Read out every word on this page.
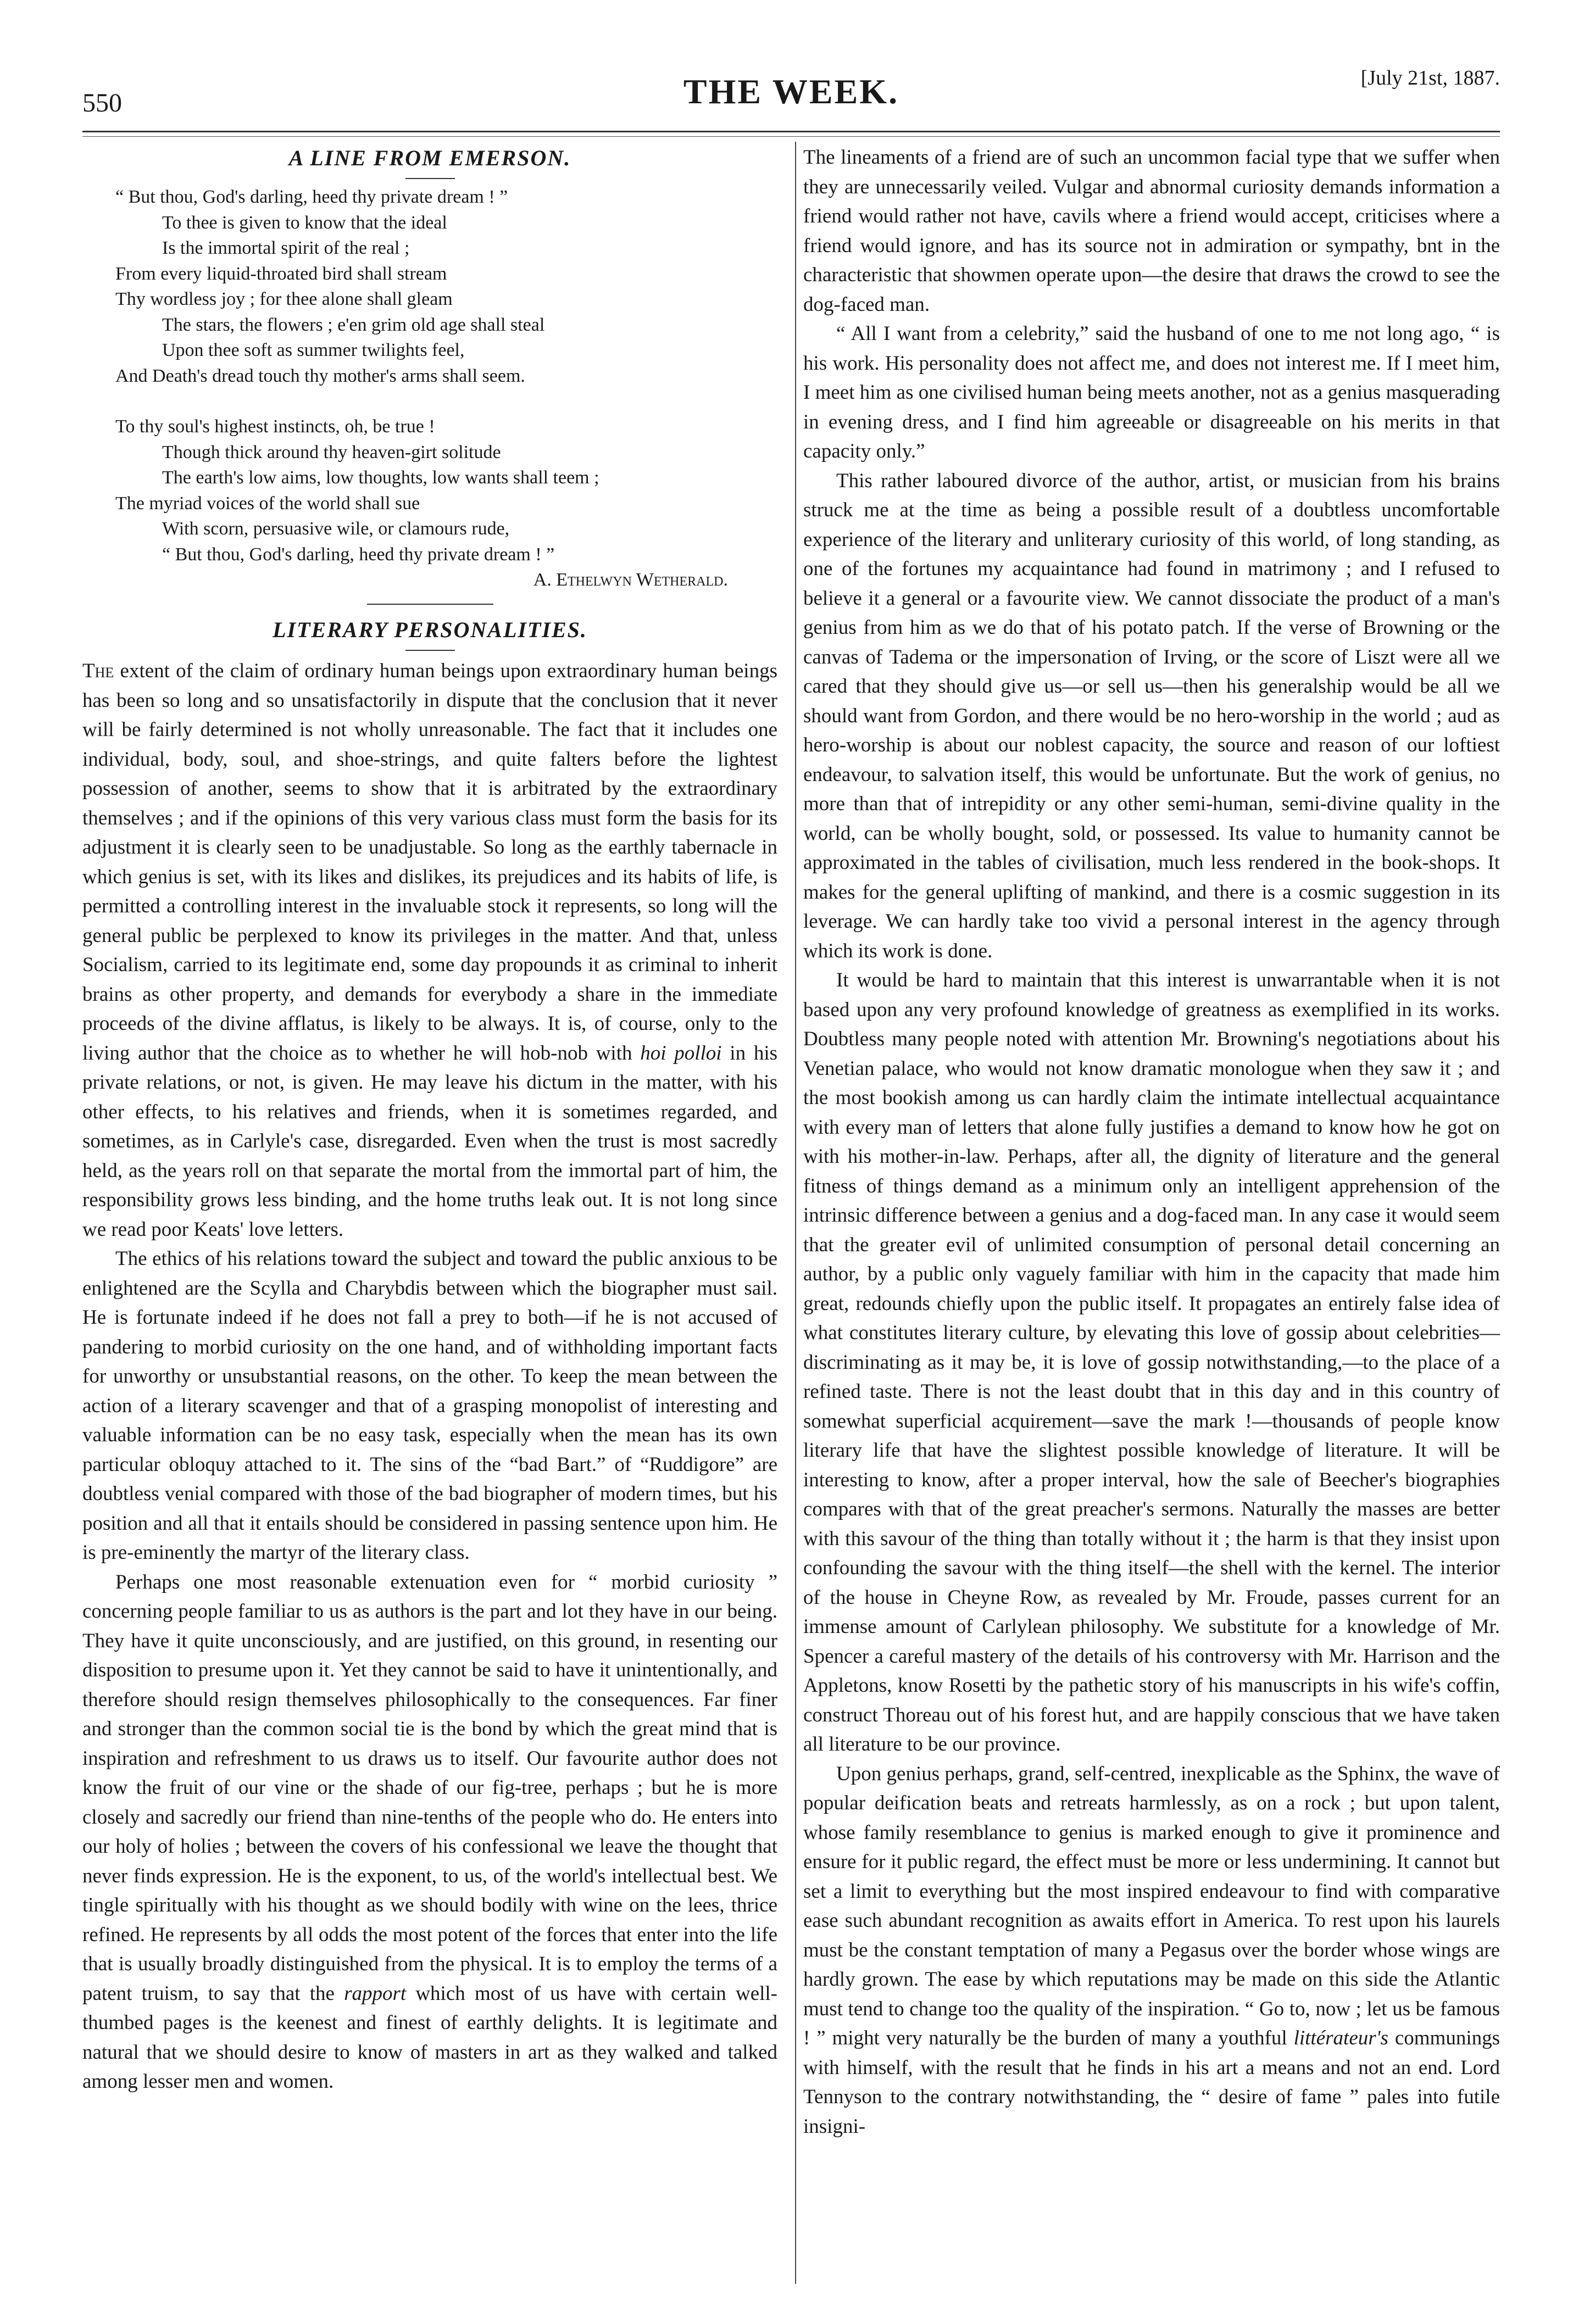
550	THE WEEK.	[July 21st, 1887.
A LINE FROM EMERSON.
“ But thou, God's darling, heed thy private dream ! ”
To thee is given to know that the ideal
Is the immortal spirit of the real ;
From every liquid-throated bird shall stream
Thy wordless joy ; for thee alone shall gleam
The stars, the flowers ; e'en grim old age shall steal
Upon thee soft as summer twilights feel,
And Death's dread touch thy mother's arms shall seem.
To thy soul's highest instincts, oh, be true !
Though thick around thy heaven-girt solitude
The earth's low aims, low thoughts, low wants shall teem ;
The myriad voices of the world shall sue
With scorn, persuasive wile, or clamours rude,
“ But thou, God's darling, heed thy private dream ! ”
A. Ethelwyn Wetherald.
LITERARY PERSONALITIES.

The extent of the claim of ordinary human beings upon extraordinary human beings has been so long and so unsatisfactorily in dispute that the conclusion that it never will be fairly determined is not wholly unreasonable. The fact that it includes one individual, body, soul, and shoe-strings, and quite falters before the lightest possession of another, seems to show that it is arbitrated by the extraordinary themselves ; and if the opinions of this very various class must form the basis for its adjustment it is clearly seen to be unadjustable. So long as the earthly tabernacle in which genius is set, with its likes and dislikes, its prejudices and its habits of life, is permitted a controlling interest in the invaluable stock it represents, so long will the general public be perplexed to know its privileges in the matter. And that, unless Socialism, carried to its legitimate end, some day propounds it as criminal to inherit brains as other property, and demands for everybody a share in the immediate proceeds of the divine afflatus, is likely to be always. It is, of course, only to the living author that the choice as to whether he will hob-nob with hoi polloi in his private relations, or not, is given. He may leave his dictum in the matter, with his other effects, to his relatives and friends, when it is sometimes regarded, and sometimes, as in Carlyle's case, disregarded. Even when the trust is most sacredly held, as the years roll on that separate the mortal from the immortal part of him, the responsibility grows less binding, and the home truths leak out. It is not long since we read poor Keats' love letters.

The ethics of his relations toward the subject and toward the public anxious to be enlightened are the Scylla and Charybdis between which the biographer must sail. He is fortunate indeed if he does not fall a prey to both—if he is not accused of pandering to morbid curiosity on the one hand, and of withholding important facts for unworthy or unsubstantial reasons, on the other. To keep the mean between the action of a literary scavenger and that of a grasping monopolist of interesting and valuable information can be no easy task, especially when the mean has its own particular obloquy attached to it. The sins of the “bad Bart.” of “Ruddigore” are doubtless venial compared with those of the bad biographer of modern times, but his position and all that it entails should be considered in passing sentence upon him. He is pre-eminently the martyr of the literary class.

Perhaps one most reasonable extenuation even for “ morbid curiosity ” concerning people familiar to us as authors is the part and lot they have in our being. They have it quite unconsciously, and are justified, on this ground, in resenting our disposition to presume upon it. Yet they cannot be said to have it unintentionally, and therefore should resign themselves philosophically to the consequences. Far finer and stronger than the common social tie is the bond by which the great mind that is inspiration and refreshment to us draws us to itself. Our favourite author does not know the fruit of our vine or the shade of our fig-tree, perhaps ; but he is more closely and sacredly our friend than nine-tenths of the people who do. He enters into our holy of holies ; between the covers of his confessional we leave the thought that never finds expression. He is the exponent, to us, of the world's intellectual best. We tingle spiritually with his thought as we should bodily with wine on the lees, thrice refined. He represents by all odds the most potent of the forces that enter into the life that is usually broadly distinguished from the physical. It is to employ the terms of a patent truism, to say that the rapport which most of us have with certain well-thumbed pages is the keenest and finest of earthly delights. It is legitimate and natural that we should desire to know of masters in art as they walked and talked among lesser men and women.

The lineaments of a friend are of such an uncommon facial type that we suffer when they are unnecessarily veiled. Vulgar and abnormal curiosity demands information a friend would rather not have, cavils where a friend would accept, criticises where a friend would ignore, and has its source not in admiration or sympathy, bnt in the characteristic that showmen operate upon—the desire that draws the crowd to see the dog-faced man.

“ All I want from a celebrity,” said the husband of one to me not long ago, “ is his work. His personality does not affect me, and does not interest me. If I meet him, I meet him as one civilised human being meets another, not as a genius masquerading in evening dress, and I find him agreeable or disagreeable on his merits in that capacity only.”

This rather laboured divorce of the author, artist, or musician from his brains struck me at the time as being a possible result of a doubtless uncomfortable experience of the literary and unliterary curiosity of this world, of long standing, as one of the fortunes my acquaintance had found in matrimony ; and I refused to believe it a general or a favourite view. We cannot dissociate the product of a man's genius from him as we do that of his potato patch. If the verse of Browning or the canvas of Tadema or the impersonation of Irving, or the score of Liszt were all we cared that they should give us—or sell us—then his generalship would be all we should want from Gordon, and there would be no hero-worship in the world ; aud as hero-worship is about our noblest capacity, the source and reason of our loftiest endeavour, to salvation itself, this would be unfortunate. But the work of genius, no more than that of intrepidity or any other semi-human, semi-divine quality in the world, can be wholly bought, sold, or possessed. Its value to humanity cannot be approximated in the tables of civilisation, much less rendered in the book-shops. It makes for the general uplifting of mankind, and there is a cosmic suggestion in its leverage. We can hardly take too vivid a personal interest in the agency through which its work is done.

It would be hard to maintain that this interest is unwarrantable when it is not based upon any very profound knowledge of greatness as exemplified in its works. Doubtless many people noted with attention Mr. Browning's negotiations about his Venetian palace, who would not know dramatic monologue when they saw it ; and the most bookish among us can hardly claim the intimate intellectual acquaintance with every man of letters that alone fully justifies a demand to know how he got on with his mother-in-law. Perhaps, after all, the dignity of literature and the general fitness of things demand as a minimum only an intelligent apprehension of the intrinsic difference between a genius and a dog-faced man. In any case it would seem that the greater evil of unlimited consumption of personal detail concerning an author, by a public only vaguely familiar with him in the capacity that made him great, redounds chiefly upon the public itself. It propagates an entirely false idea of what constitutes literary culture, by elevating this love of gossip about celebrities—discriminating as it may be, it is love of gossip notwithstanding,—to the place of a refined taste. There is not the least doubt that in this day and in this country of somewhat superficial acquirement—save the mark !—thousands of people know literary life that have the slightest possible knowledge of literature. It will be interesting to know, after a proper interval, how the sale of Beecher's biographies compares with that of the great preacher's sermons. Naturally the masses are better with this savour of the thing than totally without it ; the harm is that they insist upon confounding the savour with the thing itself—the shell with the kernel. The interior of the house in Cheyne Row, as revealed by Mr. Froude, passes current for an immense amount of Carlylean philosophy. We substitute for a knowledge of Mr. Spencer a careful mastery of the details of his controversy with Mr. Harrison and the Appletons, know Rosetti by the pathetic story of his manuscripts in his wife's coffin, construct Thoreau out of his forest hut, and are happily conscious that we have taken all literature to be our province.

Upon genius perhaps, grand, self-centred, inexplicable as the Sphinx, the wave of popular deification beats and retreats harmlessly, as on a rock ; but upon talent, whose family resemblance to genius is marked enough to give it prominence and ensure for it public regard, the effect must be more or less undermining. It cannot but set a limit to everything but the most inspired endeavour to find with comparative ease such abundant recognition as awaits effort in America. To rest upon his laurels must be the constant temptation of many a Pegasus over the border whose wings are hardly grown. The ease by which reputations may be made on this side the Atlantic must tend to change too the quality of the inspiration. “ Go to, now ; let us be famous ! ” might very naturally be the burden of many a youthful littérateur's communings with himself, with the result that he finds in his art a means and not an end. Lord Tennyson to the contrary notwithstanding, the “ desire of fame ” pales into futile insigni-
